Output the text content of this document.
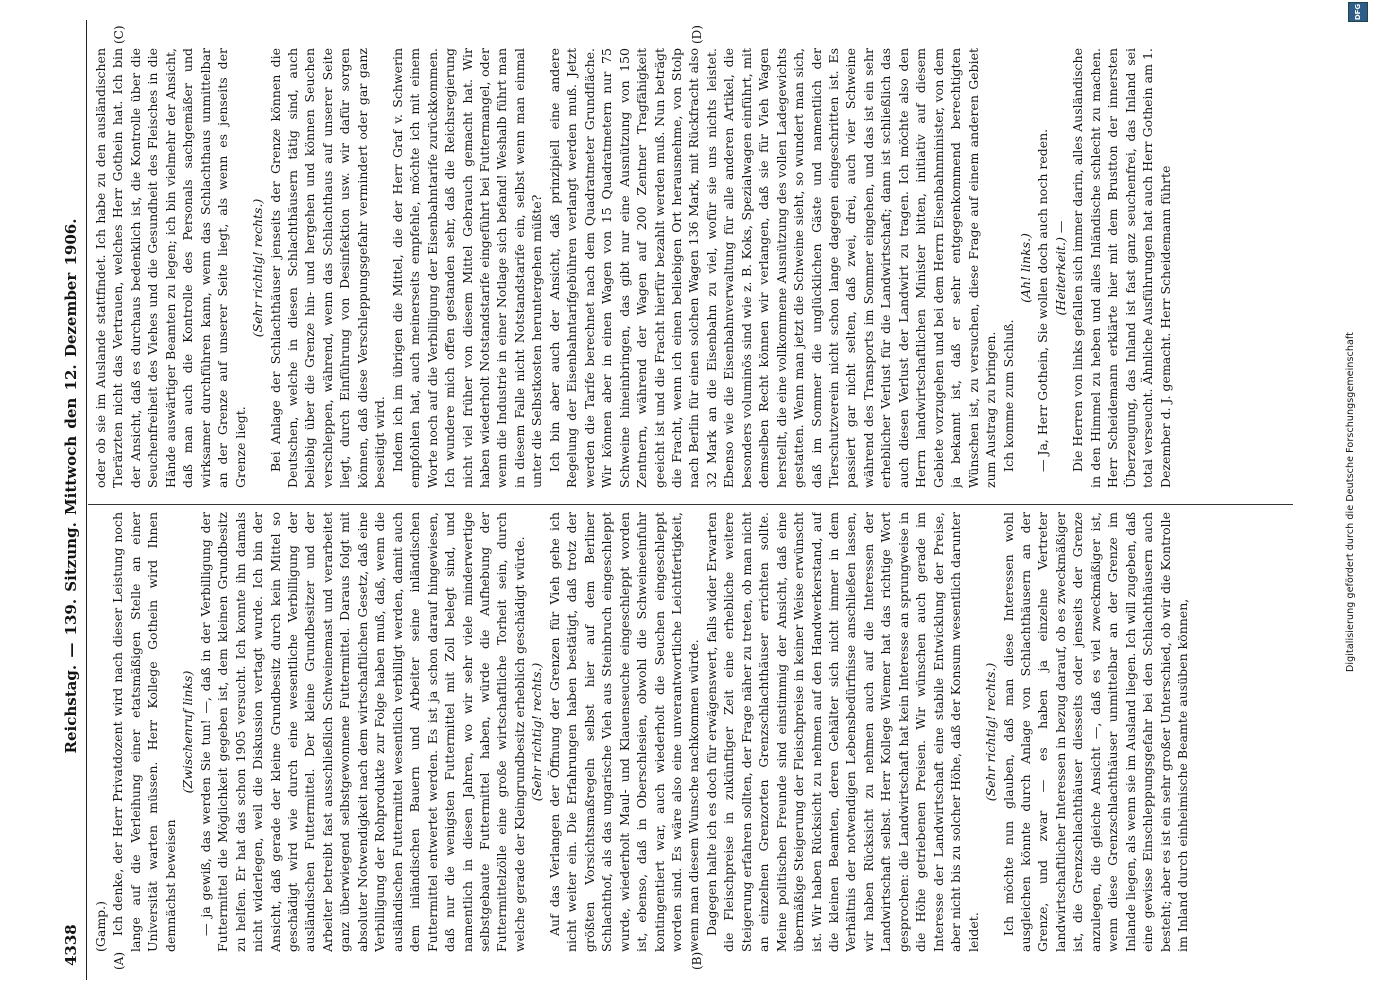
4338
Reichstag. — 139. Sitzung. Mittwoch den 12. Dezember 1906.
(A)	(B)
(C)	(D)

(Gamp.) Ich denke, der Herr Privatdozent wird nach dieser Leistung noch lange auf die Verleihung einer etatsmäßigen Stelle an einer Universität warten müssen. Herr Kollege Gothein wird Ihnen demnächst beweisen

(Zwischenruf links) — ja gewiß, das werden Sie tun! —, daß in der Verbilligung der Futtermittel die Möglichkeit gegeben ist, dem kleinen Grundbesitz zu helfen. Er hat das schon 1905 versucht. Ich konnte ihn damals nicht widerlegen, weil die Diskussion vertagt wurde. Ich bin der Ansicht, daß gerade der kleine Grundbesitz durch kein Mittel so geschädigt wird wie durch eine wesentliche Verbilligung der ausländischen Futtermittel. Der kleine Grundbesitzer und der Arbeiter betreibt fast ausschließlich Schweinemast und verarbeitet ganz überwiegend selbstgewonnene Futtermittel. Daraus folgt mit absoluter Notwendigkeit nach dem wirtschaftlichen Gesetz, daß eine Verbilligung der Rohprodukte zur Folge haben muß, daß, wenn die ausländischen Futtermittel wesentlich verbilligt werden, damit auch dem inländischen Bauern und Arbeiter seine inländischen Futtermittel entwertet werden. Es ist ja schon darauf hingewiesen, daß nur die wenigsten Futtermittel mit Zoll belegt sind, und namentlich in diesen Jahren, wo wir sehr viele minderwertige selbstgebaute Futtermittel haben, würde die Aufhebung der Futtermittelzölle eine große wirtschaftliche Torheit sein, durch welche gerade der Kleingrundbesitz erheblich geschädigt würde. (Sehr richtig! rechts.) Auf das Verlangen der Öffnung der Grenzen für Vieh gehe ich nicht weiter ein. Die Erfahrungen haben bestätigt, daß trotz der größten Vorsichtsmaßregeln selbst hier auf dem Berliner Schlachthof, als das ungarische Vieh aus Steinbruch eingeschleppt wurde, wiederholt Maul- und Klauenseuche eingeschleppt worden ist, ebenso, daß in Oberschlesien, obwohl die Schweineeinfuhr kontingentiert war, auch wiederholt die Seuchen eingeschleppt worden sind. Es wäre also eine unverantwortliche Leichtfertigkeit, wenn man diesem Wunsche nachkommen würde. Dagegen halte ich es doch für erwägenswert, falls wider Erwarten die Fleischpreise in zukünftiger Zeit eine erhebliche weitere Steigerung erfahren sollten, der Frage näher zu treten, ob man nicht an einzelnen Grenzorten Grenzschlachthäuser errichten sollte. Meine politischen Freunde sind einstimmig der Ansicht, daß eine übermäßige Steigerung der Fleischpreise in keiner Weise erwünscht ist. Wir haben Rücksicht zu nehmen auf den Handwerkerstand, auf die kleinen Beamten, deren Gehälter sich nicht immer in dem Verhältnis der notwendigen Lebensbedürfnisse anschließen lassen, wir haben Rücksicht zu nehmen auch auf die Interessen der Landwirtschaft selbst. Herr Kollege Wiemer hat das richtige Wort gesprochen: die Landwirtschaft hat kein Interesse an sprungweise in die Höhe getriebenen Preisen. Wir wünschen auch gerade im Interesse der Landwirtschaft eine stabile Entwicklung der Preise, aber nicht bis zu solcher Höhe, daß der Konsum wesentlich darunter leidet.

(Sehr richtig! rechts.) Ich möchte nun glauben, daß man diese Interessen wohl ausgleichen könnte durch Anlage von Schlachthäusern an der Grenze, und zwar — es haben ja einzelne Vertreter landwirtschaftlicher Interessen in bezug darauf, ob es zweckmäßiger ist, die Grenzschlachthäuser diesseits oder jenseits der Grenze anzulegen, die gleiche Ansicht —, daß es viel zweckmäßiger ist, wenn diese Grenzschlachthäuser unmittelbar an der Grenze im Inlande liegen, als wenn sie im Ausland liegen. Ich will zugeben, daß eine gewisse Einschleppungsgefahr bei den Schlachthäusern auch besteht; aber es ist ein sehr großer Unterschied, ob wir die Kontrolle im Inland durch einheimische Beamte ausüben können,

oder ob sie im Auslande stattfindet. Ich habe zu den ausländischen Tierärzten nicht das Vertrauen, welches Herr Gothein hat. Ich bin der Ansicht, daß es durchaus bedenklich ist, die Kontrolle über die Seuchenfreiheit des Viehes und die Gesundheit des Fleisches in die Hände auswärtiger Beamten zu legen; ich bin vielmehr der Ansicht, daß man auch die Kontrolle des Personals sachgemäßer und wirksamer durchführen kann, wenn das Schlachthaus unmittelbar an der Grenze auf unserer Seite liegt, als wenn es jenseits der Grenze liegt.

(Sehr richtig! rechts.) Bei Anlage der Schlachthäuser jenseits der Grenze können die Deutschen, welche in diesen Schlachthäusern tätig sind, auch beliebig über die Grenze hin- und hergehen und können Seuchen verschleppen, während, wenn das Schlachthaus auf unserer Seite liegt, durch Einführung von Desinfektion usw. wir dafür sorgen können, daß diese Verschleppungsgefahr vermindert oder gar ganz beseitigt wird. Indem ich im übrigen die Mittel, die der Herr Graf v. Schwerin empfohlen hat, auch meinerseits empfehle, möchte ich mit einem Worte noch auf die Verbilligung der Eisenbahntarife zurückkommen. Ich wundere mich offen gestanden sehr, daß die Reichsregierung nicht viel früher von diesem Mittel Gebrauch gemacht hat. Wir haben wiederholt Notstandstarife eingeführt bei Futtermangel, oder wenn die Industrie in einer Notlage sich befand! Weshalb führt man in diesem Falle nicht Notstandstarife ein, selbst wenn man einmal unter die Selbstkosten heruntergehen müßte? Ich bin aber auch der Ansicht, daß prinzipiell eine andere Regelung der Eisenbahntarifgebühren verlangt werden muß. Jetzt werden die Tarife berechnet nach dem Quadratmeter Grundfläche. Wir können aber in einen Wagen von 15 Quadratmetern nur 75 Schweine hineinbringen, das gibt nur eine Ausnützung von 150 Zentnern, während der Wagen auf 200 Zentner Tragfähigkeit geeicht ist und die Fracht hierfür bezahlt werden muß. Nun beträgt die Fracht, wenn ich einen beliebigen Ort herausnehme, von Stolp nach Berlin für einen solchen Wagen 136 Mark, mit Rückfracht also 32 Mark an die Eisenbahn zu viel, wofür sie uns nichts leistet. Ebenso wie die Eisenbahnverwaltung für alle anderen Artikel, die besonders voluminös sind wie z. B. Koks, Spezialwagen einführt, mit demselben Recht können wir verlangen, daß sie für Vieh Wagen herstellt, die eine vollkommene Ausnützung des vollen Ladegewichts gestatten. Wenn man jetzt die Schweine sieht, so wundert man sich, daß im Sommer die unglücklichen Gäste und namentlich der Tierschutzverein nicht schon lange dagegen eingeschritten ist. Es passiert gar nicht selten, daß zwei, drei, auch vier Schweine während des Transports im Sommer eingehen, und das ist ein sehr erheblicher Verlust für die Landwirtschaft; dann ist schließlich das auch diesen Verlust der Landwirt zu tragen. Ich möchte also den Herrn landwirtschaftlichen Minister bitten, initiativ auf diesem Gebiete vorzugehen und bei dem Herrn Eisenbahnminister, von dem ja bekannt ist, daß er sehr entgegenkommend berechtigten Wünschen ist, zu versuchen, diese Frage auf einem anderen Gebiet zum Austrag zu bringen. Ich komme zum Schluß.

(Ah! links.) — Ja, Herr Gothein, Sie wollen doch auch noch reden. (Heiterkeit.) — Die Herren von links gefallen sich immer darin, alles Ausländische in den Himmel zu heben und alles Inländische schlecht zu machen. Herr Scheidemann erklärte hier mit dem Brustton der innersten Überzeugung, das Inland ist fast ganz seuchenfrei, das Inland sei total verseucht. Ähnliche Ausführungen hat auch Herr Gothein am 1. Dezember d. J. gemacht. Herr Scheidemann führte

Digitalisierung gefördert durch die Deutsche Forschungsgemeinschaft
DFG
